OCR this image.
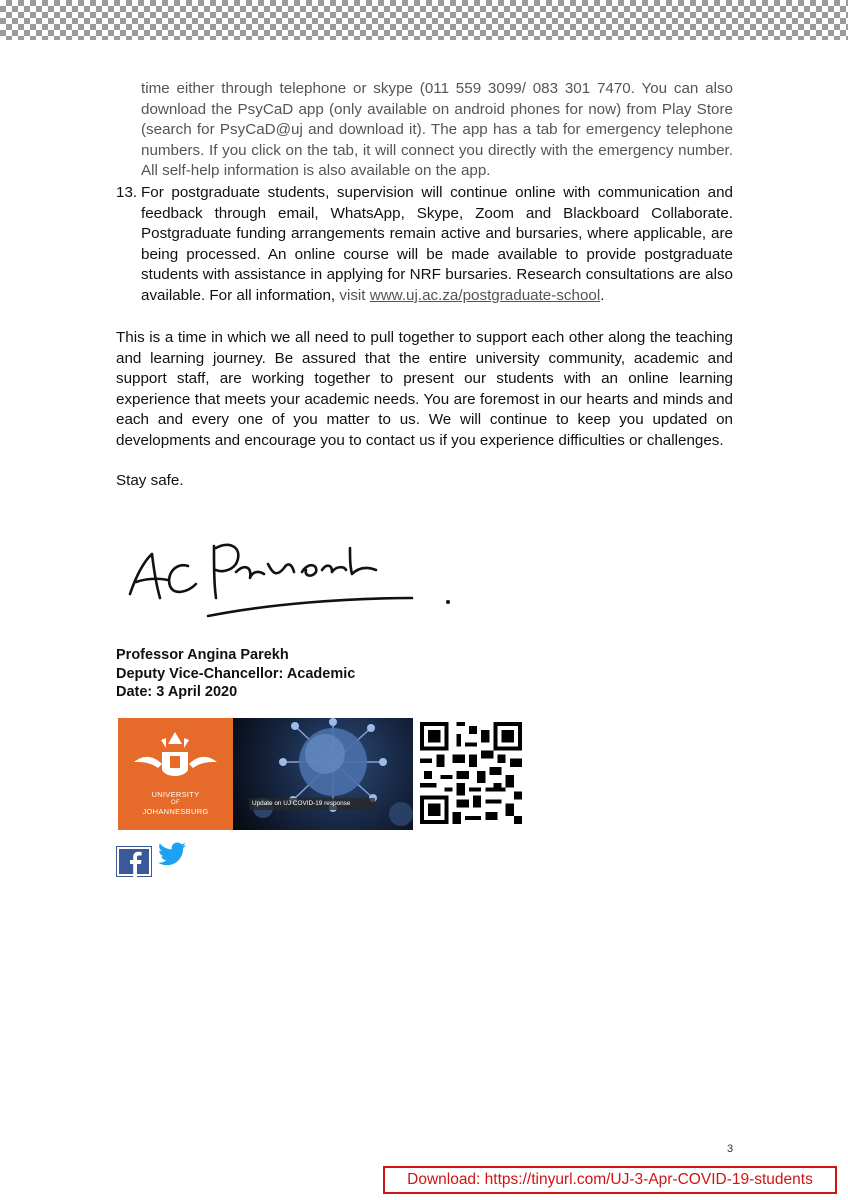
time either through telephone or skype (011 559 3099/ 083 301 7470. You can also download the PsyCaD app (only available on android phones for now) from Play Store (search for PsyCaD@uj and download it). The app has a tab for emergency telephone numbers. If you click on the tab, it will connect you directly with the emergency number. All self-help information is also available on the app.

13. For postgraduate students, supervision will continue online with communication and feedback through email, WhatsApp, Skype, Zoom and Blackboard Collaborate. Postgraduate funding arrangements remain active and bursaries, where applicable, are being processed. An online course will be made available to provide postgraduate students with assistance in applying for NRF bursaries. Research consultations are also available. For all information, visit www.uj.ac.za/postgraduate-school.

This is a time in which we all need to pull together to support each other along the teaching and learning journey. Be assured that the entire university community, academic and support staff, are working together to present our students with an online learning experience that meets your academic needs. You are foremost in our hearts and minds and each and every one of you matter to us. We will continue to keep you updated on developments and encourage you to contact us if you experience difficulties or challenges.

Stay safe.
Professor Angina Parekh
Deputy Vice-Chancellor: Academic
Date: 3 April 2020
UNIVERSITY
OF
JOHANNESBURG
Update on UJ COVID-19 response
3
Download: https://tinyurl.com/UJ-3-Apr-COVID-19-students
